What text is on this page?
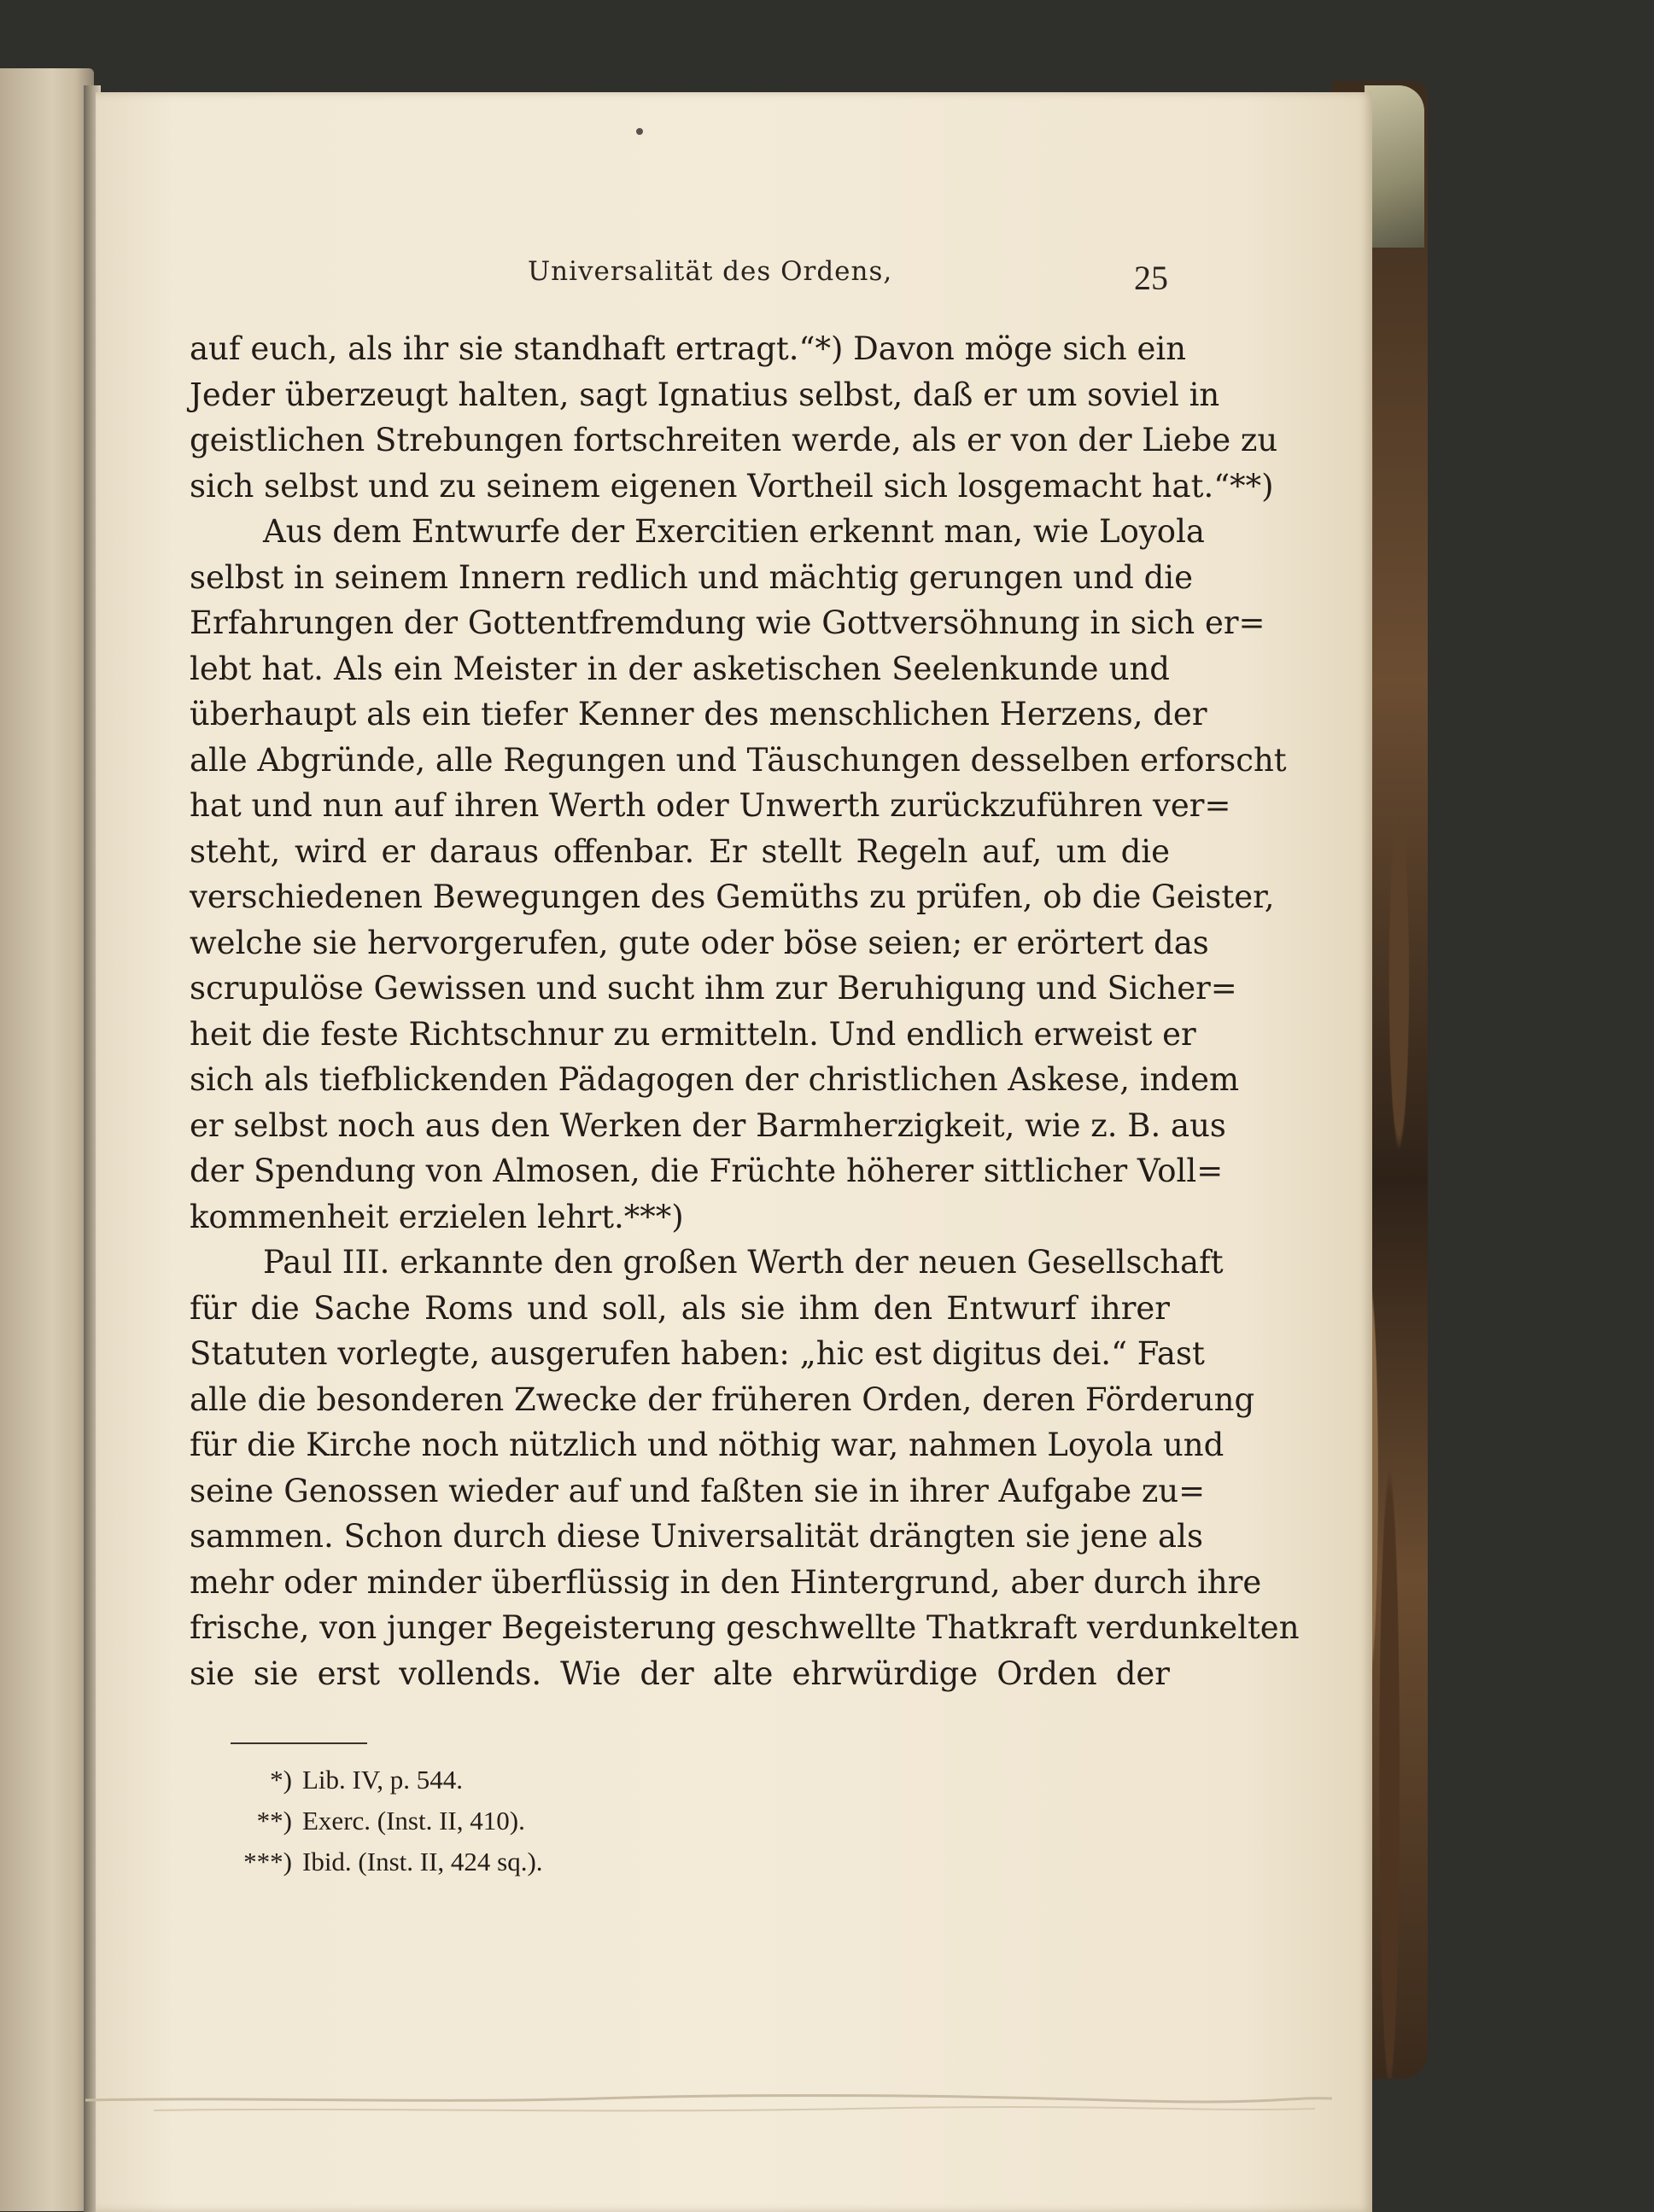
Universalität des Ordens,	25
auf euch, als ihr sie standhaft ertragt.“*) Davon möge sich ein
Jeder überzeugt halten, sagt Ignatius selbst, daß er um soviel in
geistlichen Strebungen fortschreiten werde, als er von der Liebe zu
sich selbst und zu seinem eigenen Vortheil sich losgemacht hat.“**)
Aus dem Entwurfe der Exercitien erkennt man, wie Loyola
selbst in seinem Innern redlich und mächtig gerungen und die
Erfahrungen der Gottentfremdung wie Gottversöhnung in sich er=
lebt hat. Als ein Meister in der asketischen Seelenkunde und
überhaupt als ein tiefer Kenner des menschlichen Herzens, der
alle Abgründe, alle Regungen und Täuschungen desselben erforscht
hat und nun auf ihren Werth oder Unwerth zurückzuführen ver=
steht, wird er daraus offenbar. Er stellt Regeln auf, um die
verschiedenen Bewegungen des Gemüths zu prüfen, ob die Geister,
welche sie hervorgerufen, gute oder böse seien; er erörtert das
scrupulöse Gewissen und sucht ihm zur Beruhigung und Sicher=
heit die feste Richtschnur zu ermitteln. Und endlich erweist er
sich als tiefblickenden Pädagogen der christlichen Askese, indem
er selbst noch aus den Werken der Barmherzigkeit, wie z. B. aus
der Spendung von Almosen, die Früchte höherer sittlicher Voll=
kommenheit erzielen lehrt.***)
Paul III. erkannte den großen Werth der neuen Gesellschaft
für die Sache Roms und soll, als sie ihm den Entwurf ihrer
Statuten vorlegte, ausgerufen haben: „hic est digitus dei.“ Fast
alle die besonderen Zwecke der früheren Orden, deren Förderung
für die Kirche noch nützlich und nöthig war, nahmen Loyola und
seine Genossen wieder auf und faßten sie in ihrer Aufgabe zu=
sammen. Schon durch diese Universalität drängten sie jene als
mehr oder minder überflüssig in den Hintergrund, aber durch ihre
frische, von junger Begeisterung geschwellte Thatkraft verdunkelten
sie sie erst vollends. Wie der alte ehrwürdige Orden der
*) Lib. IV, p. 544.
**) Exerc. (Inst. II, 410).
***) Ibid. (Inst. II, 424 sq.).
